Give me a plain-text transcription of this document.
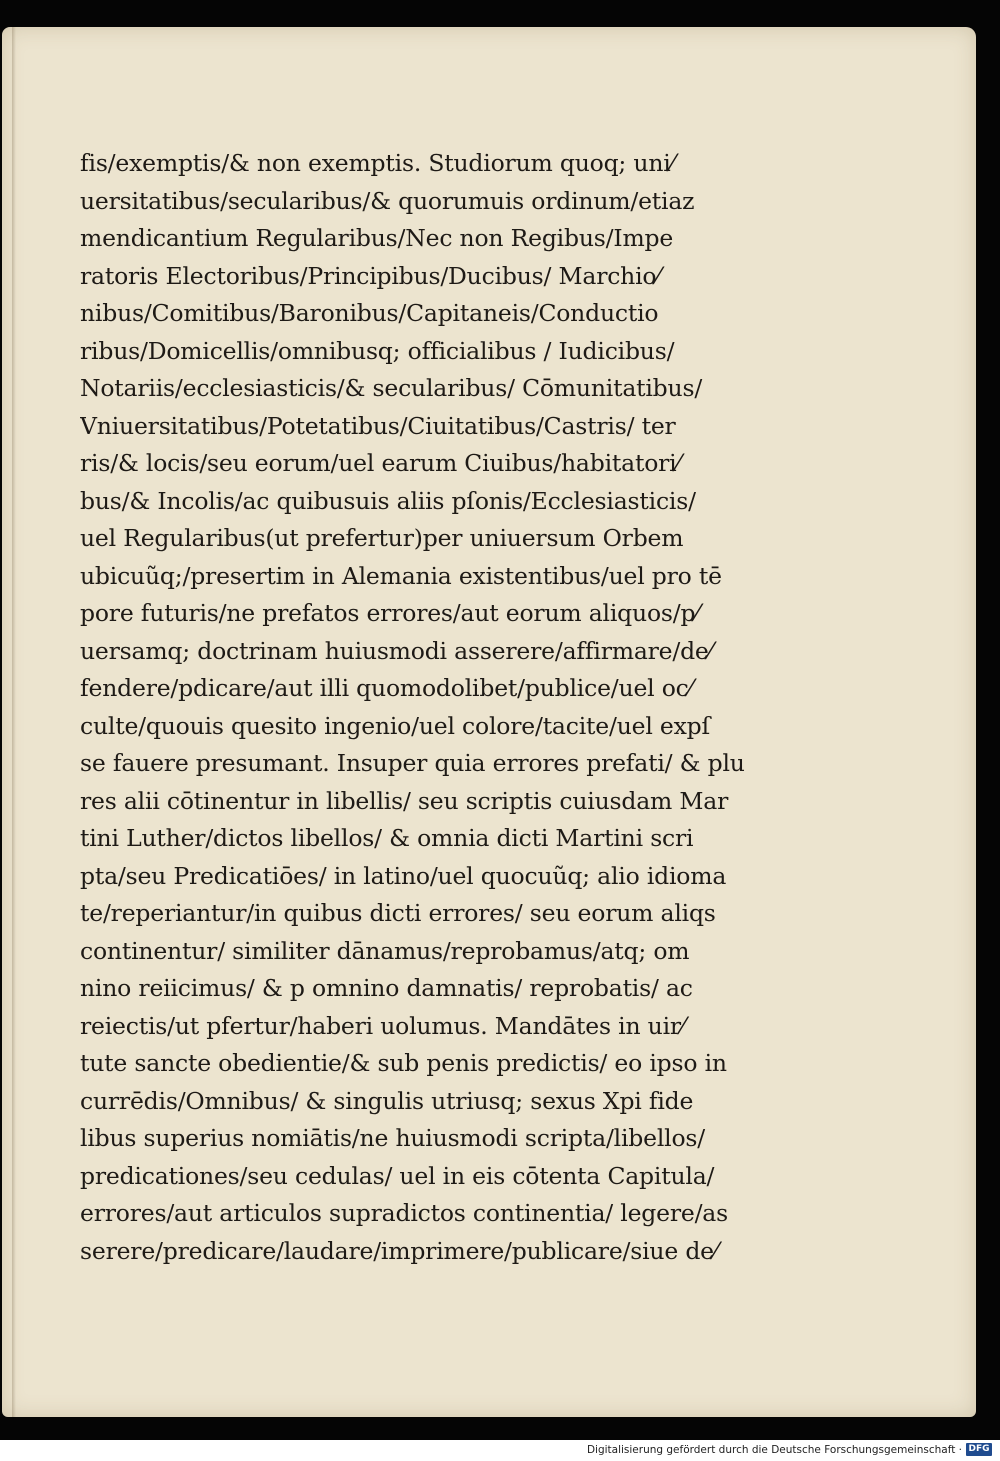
fis/exemptis/& non exemptis. Studiorum quoq; uni⁄
uersitatibus/secularibus/& quorumuis ordinum/etiaz
mendicantium Regularibus/Nec non Regibus/Impe
ratoris Electoribus/Principibus/Ducibus/ Marchio⁄
nibus/Comitibus/Baronibus/Capitaneis/Conductio
ribus/Domicellis/omnibusq; officialibus / Iudicibus/
Notariis/ecclesiasticis/& secularibus/ Cōmunitatibus/
Vniuersitatibus/Potetatibus/Ciuitatibus/Castris/ ter
ris/& locis/seu eorum/uel earum Ciuibus/habitatori⁄
bus/& Incolis/ac quibusuis aliis pſonis/Ecclesiasticis/
uel Regularibus(ut prefertur)per uniuersum Orbem
ubicuũq;/presertim in Alemania existentibus/uel pro tē
pore futuris/ne prefatos errores/aut eorum aliquos/p⁄
uersamq; doctrinam huiusmodi asserere/affirmare/de⁄
fendere/pdicare/aut illi quomodolibet/publice/uel oc⁄
culte/quouis quesito ingenio/uel colore/tacite/uel expſ
se fauere presumant. Insuper quia errores prefati/ & plu
res alii cōtinentur in libellis/ seu scriptis cuiusdam Mar
tini Luther/dictos libellos/ & omnia dicti Martini scri
pta/seu Predicatiōes/ in latino/uel quocuũq; alio idioma
te/reperiantur/in quibus dicti errores/ seu eorum aliqs
continentur/ similiter dānamus/reprobamus/atq; om
nino reiicimus/ & p omnino damnatis/ reprobatis/ ac
reiectis/ut pfertur/haberi uolumus. Mandātes in uir⁄
tute sancte obedientie/& sub penis predictis/ eo ipso in
currēdis/Omnibus/ & singulis utriusq; sexus Xpi fide
libus superius nomiātis/ne huiusmodi scripta/libellos/
predicationes/seu cedulas/ uel in eis cōtenta Capitula/
errores/aut articulos supradictos continentia/ legere/as
serere/predicare/laudare/imprimere/publicare/siue de⁄
Digitalisierung gefördert durch die Deutsche Forschungsgemeinschaft · DFG
